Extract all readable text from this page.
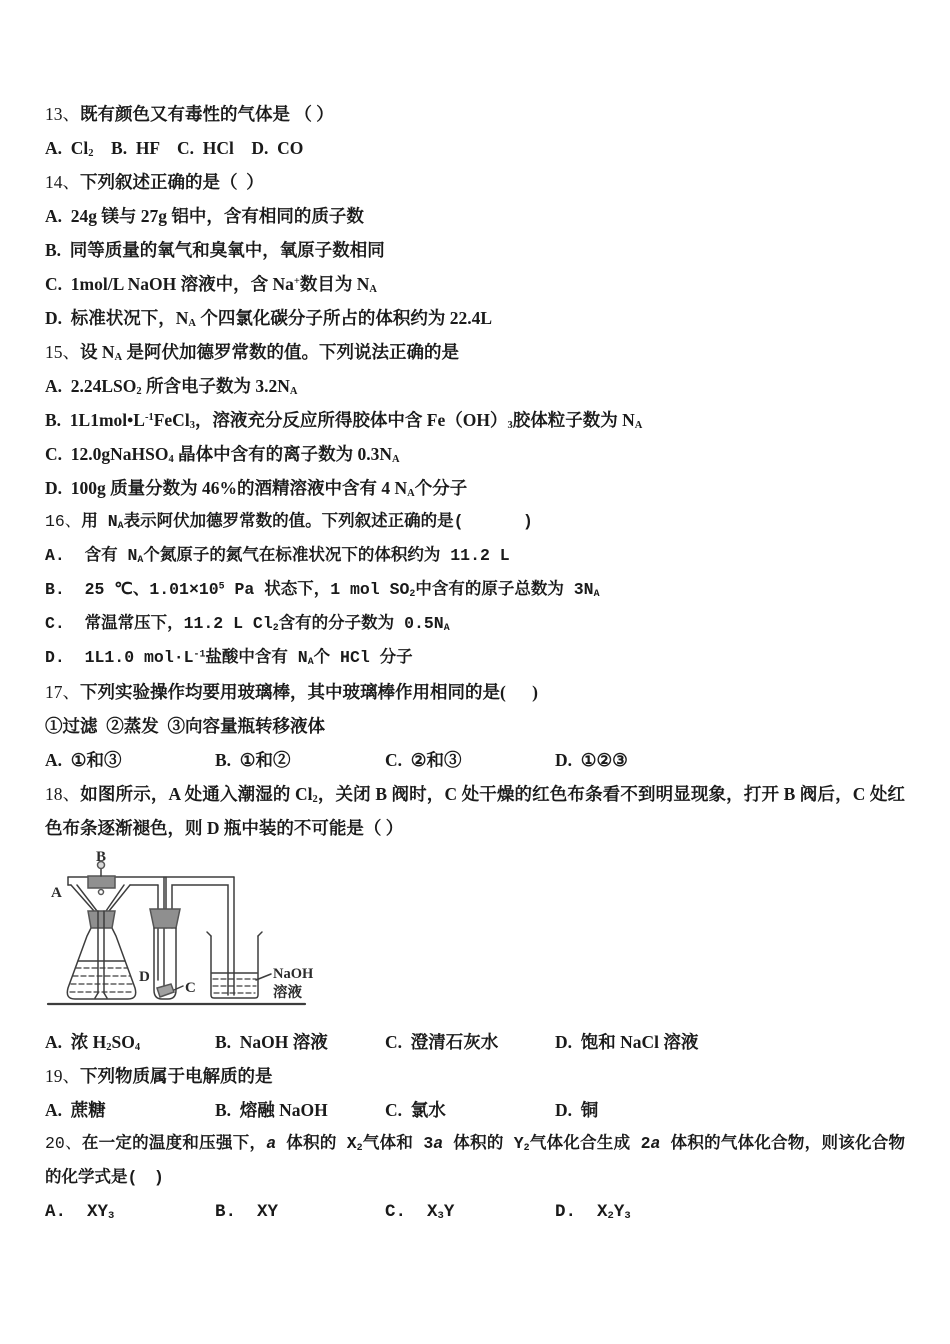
13、既有颜色又有毒性的气体是 （ ）
A.  $Cl_2$    B.  HF    C.  HCl    D.  CO
14、下列叙述正确的是（  ）
A.  24g 镁与 27g 铝中，含有相同的质子数
B.  同等质量的氧气和臭氧中，氧原子数相同
C.  1mol/L NaOH 溶液中，含 Na+数目为 $N_A$
D.  标准状况下，$N_A$ 个四氯化碳分子所占的体积约为 22.4L
15、设 $N_A$ 是阿伏加德罗常数的值。下列说法正确的是
A.  $2.24LSO_2$ 所含电子数为 $3.2N_A$
B.  $1L1mol•L^{-1}FeCl_3$，溶液充分反应所得胶体中含 $Fe(OH)_3$胶体粒子数为 $N_A$
C.  12.0gNaHSO$_4$ 晶体中含有的离子数为 $0.3N_A$
D.  100g 质量分数为 46%的酒精溶液中含有 4 $N_A$个分子
16、用 $N_A$表示阿伏加德罗常数的值。下列叙述正确的是(      )
A.  含有 $N_A$个氮原子的氮气在标准状况下的体积约为 11.2 L
B.  25 ℃、$1.01\times 10^5$ Pa 状态下，1 mol $SO_2$中含有的原子总数为 $3N_A$
C.  常温常压下，11.2 L $Cl_2$含有的分子数为 $0.5N_A$
D.  1L1.0 $mol\cdot L^{-1}$盐酸中含有 $N_A$个 HCl 分子
17、下列实验操作均要用玻璃棒，其中玻璃棒作用相同的是(      )
①过滤  ②蒸发  ③向容量瓶转移液体
A.  ①和③	B.  ①和②	C.  ②和③	D.  ①②③
18、如图所示，A 处通入潮湿的 $Cl_2$，关闭 B 阀时，C 处干燥的红色布条看不到明显现象，打开 B 阀后，C 处红色布条逐渐褪色，则 D 瓶中装的不可能是（ ）
A
B
C
D	NaOH
溶液
A.  浓 $H_2SO_4$	B.  NaOH 溶液	C.  澄清石灰水	D.  饱和 NaCl 溶液
19、下列物质属于电解质的是
A.  蔗糖	B.  熔融 NaOH	C.  氯水	D.  铜
20、在一定的温度和压强下，a 体积的 $X_2$气体和 3a 体积的 $Y_2$气体化合生成 2a 体积的气体化合物，则该化合物的化学式是(　)
A.  $XY_3$	B.  XY	C.  $X_3Y$	D.  $X_2Y_3$
